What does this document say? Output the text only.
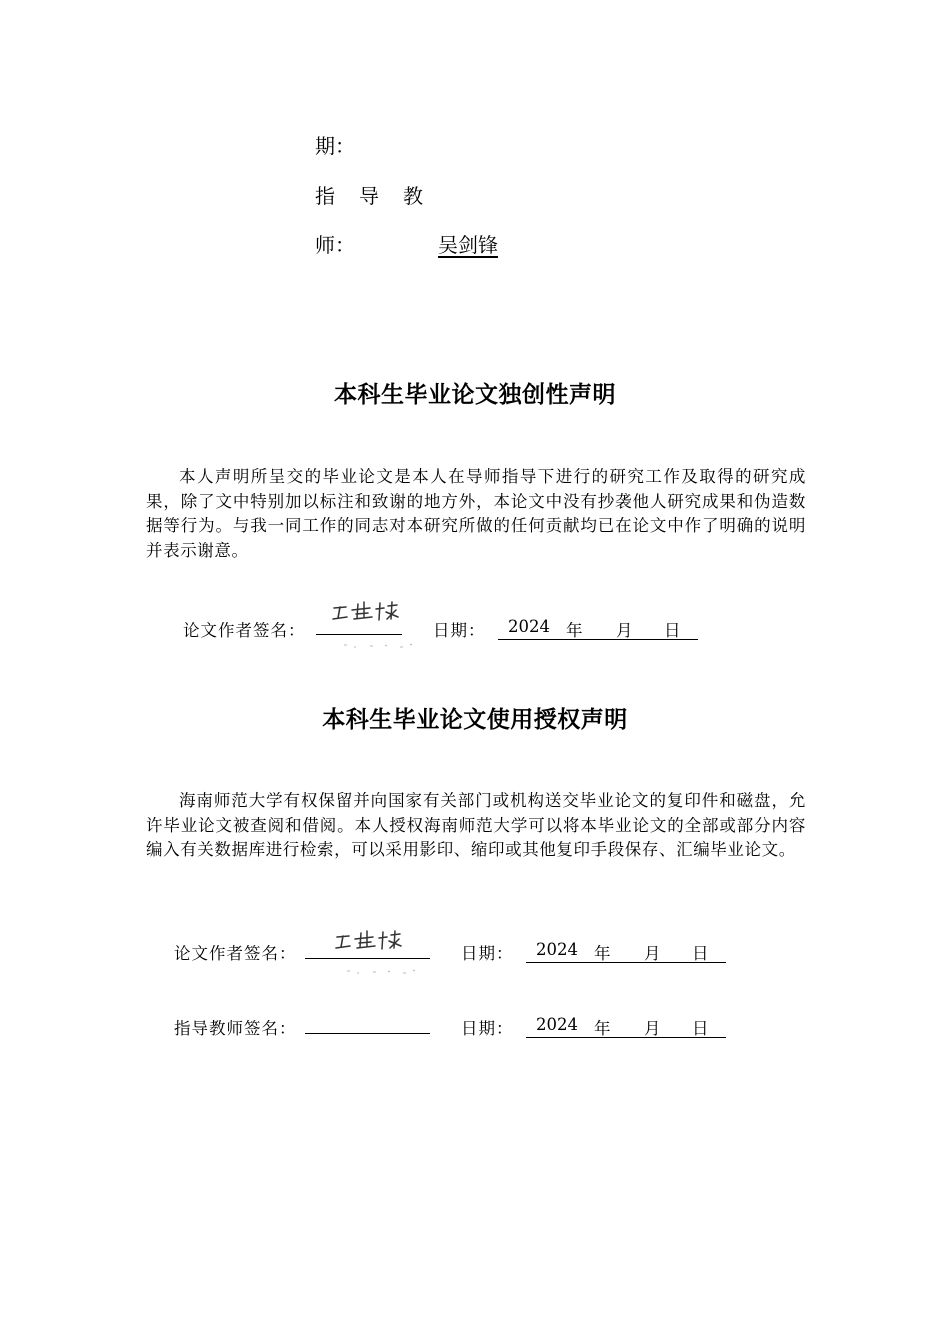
期：
指　导　教
师：	吴剑锋
本科生毕业论文独创性声明
本人声明所呈交的毕业论文是本人在导师指导下进行的研究工作及取得的研究成果，除了文中特别加以标注和致谢的地方外，本论文中没有抄袭他人研究成果和伪造数据等行为。与我一同工作的同志对本研究所做的任何贡献均已在论文中作了明确的说明并表示谢意。
论文作者签名：	日期： 2024 年 月 日
本科生毕业论文使用授权声明
海南师范大学有权保留并向国家有关部门或机构送交毕业论文的复印件和磁盘，允许毕业论文被查阅和借阅。本人授权海南师范大学可以将本毕业论文的全部或部分内容编入有关数据库进行检索，可以采用影印、缩印或其他复印手段保存、汇编毕业论文。
论文作者签名：	日期： 2024 年 月 日
指导教师签名：	日期： 2024 年 月 日
